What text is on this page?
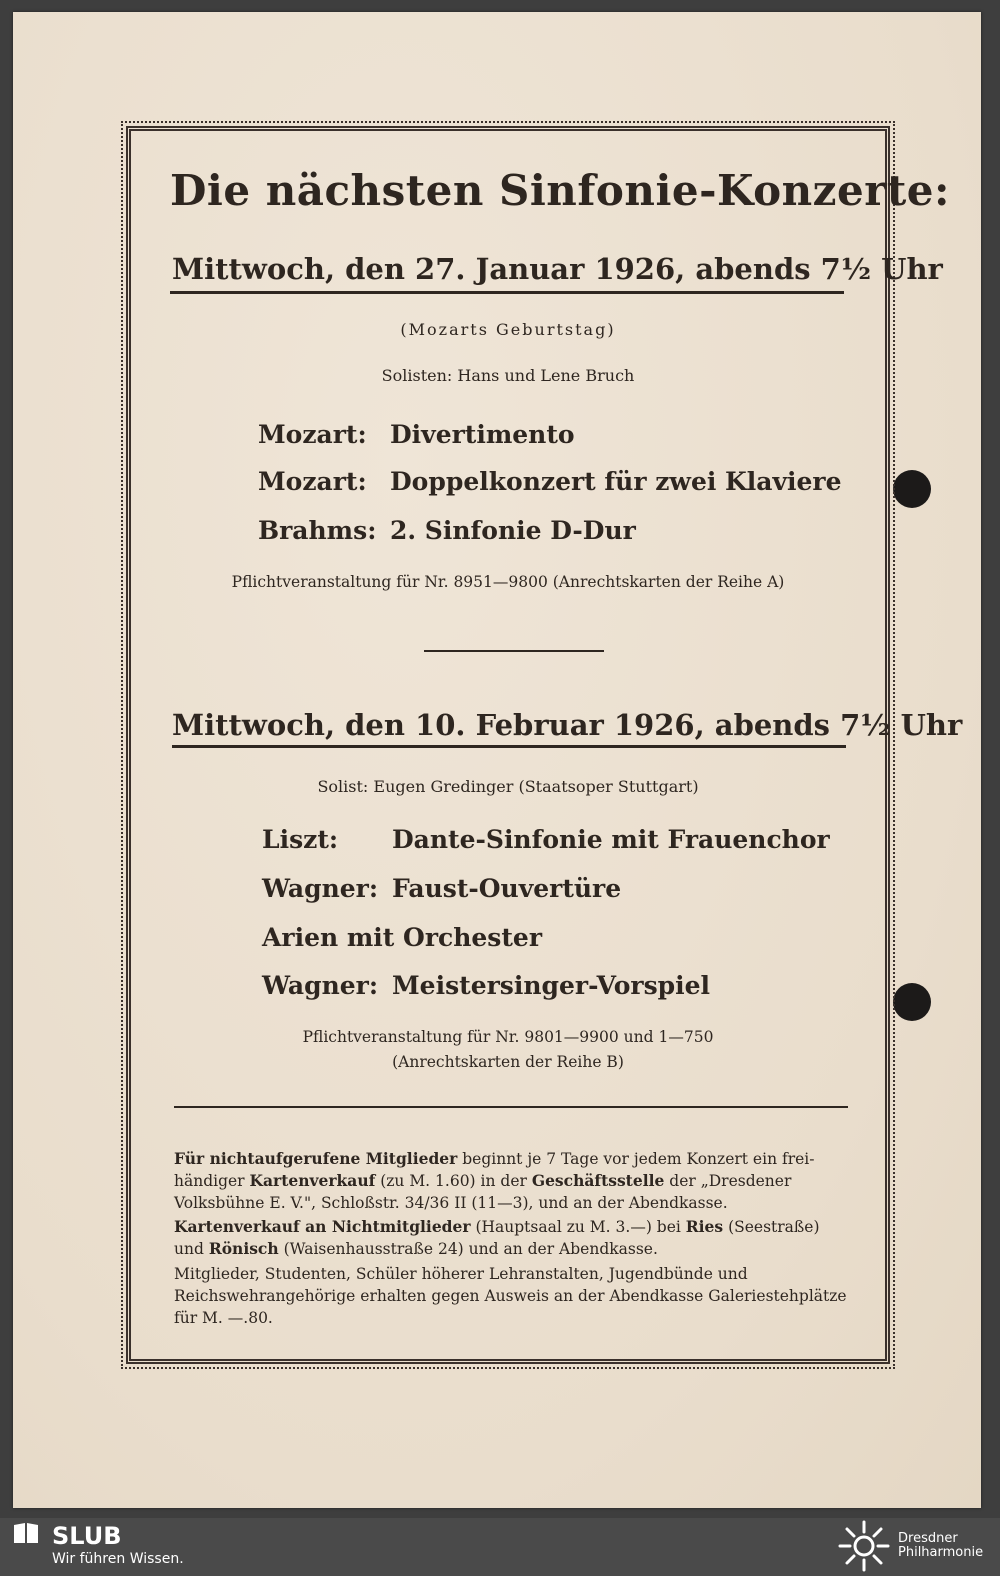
Die nächsten Sinfonie-Konzerte:
Mittwoch, den 27. Januar 1926, abends 7½ Uhr
(Mozarts Geburtstag)
Solisten: Hans und Lene Bruch
Mozart: Divertimento
Mozart: Doppelkonzert für zwei Klaviere
Brahms: 2. Sinfonie D-Dur
Pflichtveranstaltung für Nr. 8951—9800 (Anrechtskarten der Reihe A)
Mittwoch, den 10. Februar 1926, abends 7½ Uhr
Solist: Eugen Gredinger (Staatsoper Stuttgart)
Liszt: Dante-Sinfonie mit Frauenchor
Wagner: Faust-Ouvertüre
Arien mit Orchester
Wagner: Meistersinger-Vorspiel
Pflichtveranstaltung für Nr. 9801—9900 und 1—750
(Anrechtskarten der Reihe B)
Für nichtaufgerufene Mitglieder beginnt je 7 Tage vor jedem Konzert ein frei-händiger Kartenverkauf (zu M. 1.60) in der Geschäftsstelle der „Dresdener Volksbühne E. V.", Schloßstr. 34/36 II (11—3), und an der Abendkasse.
Kartenverkauf an Nichtmitglieder (Hauptsaal zu M. 3.—) bei Ries (Seestraße) und Rönisch (Waisenhausstraße 24) und an der Abendkasse.
Mitglieder, Studenten, Schüler höherer Lehranstalten, Jugendbünde und Reichswehrangehörige erhalten gegen Ausweis an der Abendkasse Galeriestehplätze für M. —.80.
SLUB
Wir führen Wissen.
Dresdner
Philharmonie
